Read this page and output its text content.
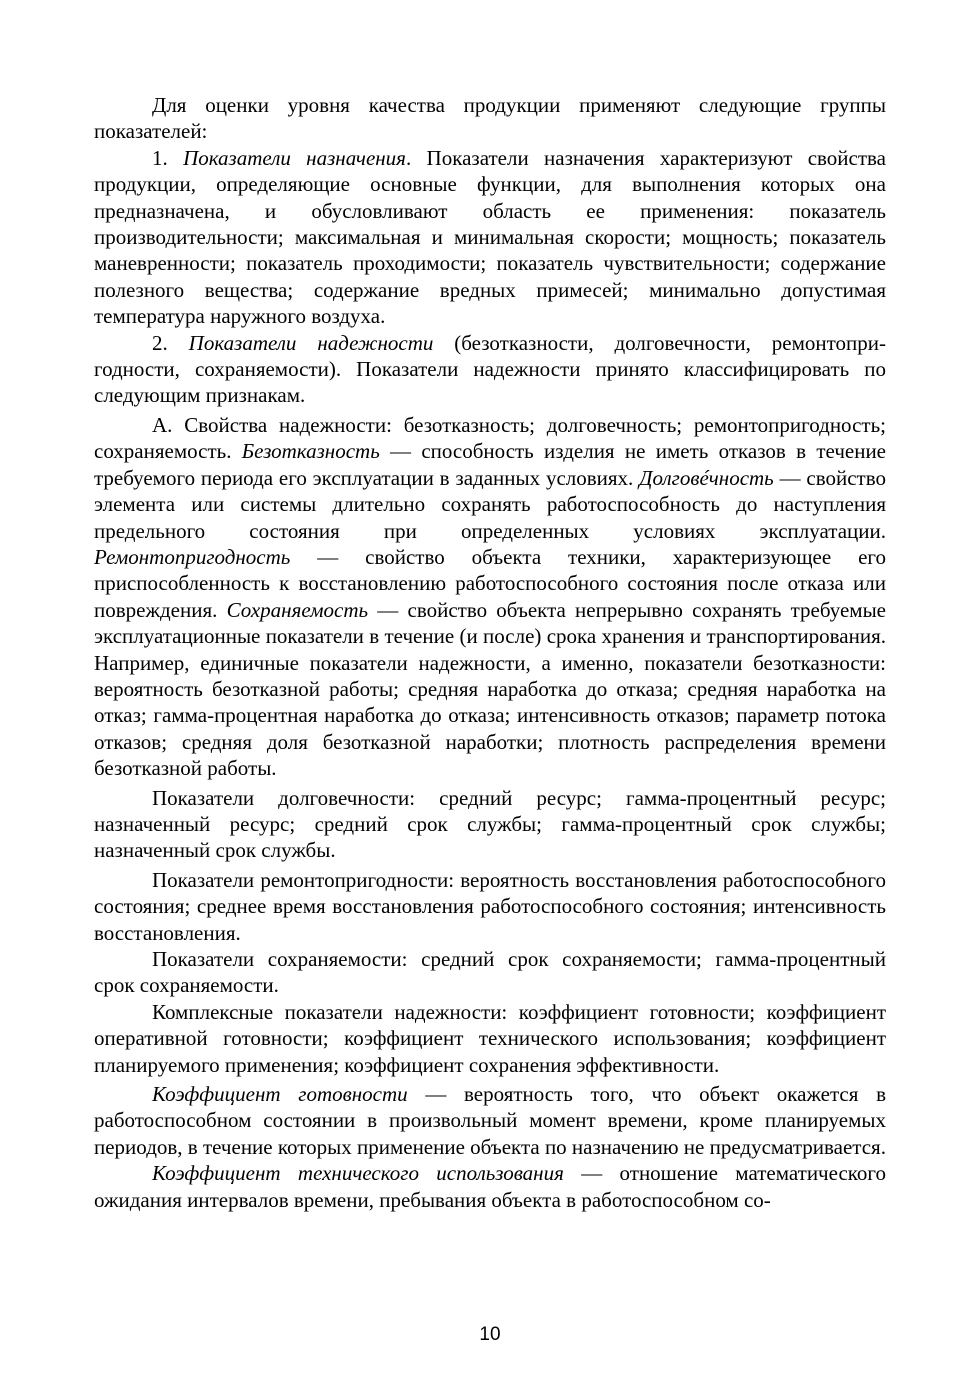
Для оценки уровня качества продукции применяют следующие группы показателей:

1. Показатели назначения. Показатели назначения характеризуют свойства продукции, определяющие основные функции, для выполнения которых она предназначена, и обусловливают область ее применения: показатель производительности; максимальная и минимальная скорости; мощность; показатель маневренности; показатель проходимости; показатель чувствительности; содержание полезного вещества; содержание вредных примесей; минимально допустимая температура наружного воздуха.

2. Показатели надежности (безотказности, долговечности, ремонтопригодности, сохраняемости). Показатели надежности принято классифицировать по следующим признакам.

А. Свойства надежности: безотказность; долговечность; ремонтопригодность; сохраняемость. Безотказность — способность изделия не иметь отказов в течение требуемого периода его эксплуатации в заданных условиях. Долговéчность — свойство элемента или системы длительно сохранять работоспособность до наступления предельного состояния при определенных условиях эксплуатации. Ремонтопригодность — свойство объекта техники, характеризующее его приспособленность к восстановлению работоспособного состояния после отказа или повреждения. Сохраняемость — свойство объекта непрерывно сохранять требуемые эксплуатационные показатели в течение (и после) срока хранения и транспортирования. Например, единичные показатели надежности, а именно, показатели безотказности: вероятность безотказной работы; средняя наработка до отказа; средняя наработка на отказ; гамма-процентная наработка до отказа; интенсивность отказов; параметр потока отказов; средняя доля безотказной наработки; плотность распределения времени безотказной работы.

Показатели долговечности: средний ресурс; гамма-процентный ресурс; назначенный ресурс; средний срок службы; гамма-процентный срок службы; назначенный срок службы.

Показатели ремонтопригодности: вероятность восстановления работоспособного состояния; среднее время восстановления работоспособного состояния; интенсивность восстановления.

Показатели сохраняемости: средний срок сохраняемости; гамма-процентный срок сохраняемости.

Комплексные показатели надежности: коэффициент готовности; коэффициент оперативной готовности; коэффициент технического использования; коэффициент планируемого применения; коэффициент сохранения эффективности.

Коэффициент готовности — вероятность того, что объект окажется в работоспособном состоянии в произвольный момент времени, кроме планируемых периодов, в течение которых применение объекта по назначению не предусматривается.

Коэффициент технического использования — отношение математического ожидания интервалов времени, пребывания объекта в работоспособном со-

10
